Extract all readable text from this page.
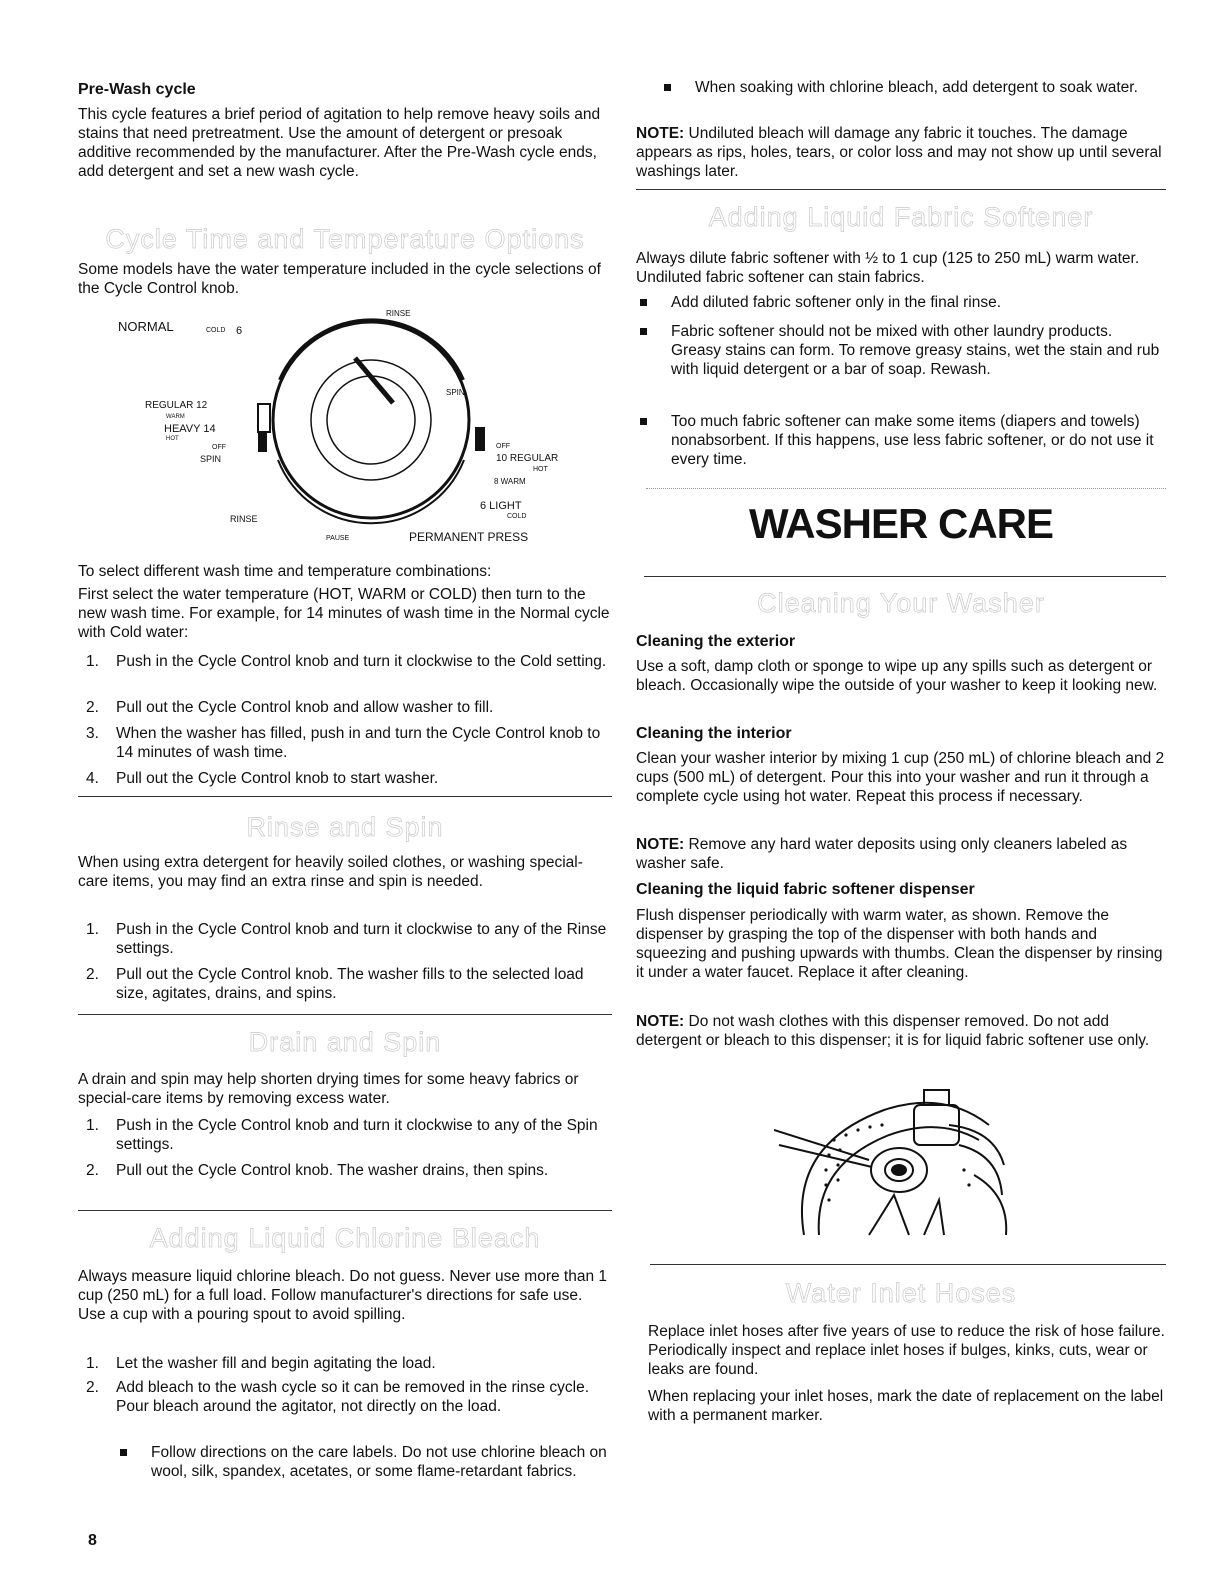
Pre-Wash cycle

This cycle features a brief period of agitation to help remove heavy soils and stains that need pretreatment. Use the amount of detergent or presoak additive recommended by the manufacturer. After the Pre-Wash cycle ends, add detergent and set a new wash cycle.

Cycle Time and Temperature Options

Some models have the water temperature included in the cycle selections of the Cycle Control knob.

NORMAL	COLD 6
RINSE
SPIN
REGULAR 12
WARM
HEAVY 14
HOT
OFF
SPIN
OFF
10 REGULAR
HOT
8 WARM
6 LIGHT
COLD
RINSE
PAUSE	PERMANENT PRESS

To select different wash time and temperature combinations:

First select the water temperature (HOT, WARM or COLD) then turn to the new wash time. For example, for 14 minutes of wash time in the Normal cycle with Cold water:

1. Push in the Cycle Control knob and turn it clockwise to the Cold setting.
2. Pull out the Cycle Control knob and allow washer to fill.
3. When the washer has filled, push in and turn the Cycle Control knob to 14 minutes of wash time.
4. Pull out the Cycle Control knob to start washer.
Rinse and Spin

When using extra detergent for heavily soiled clothes, or washing special-care items, you may find an extra rinse and spin is needed.

1. Push in the Cycle Control knob and turn it clockwise to any of the Rinse settings.
2. Pull out the Cycle Control knob. The washer fills to the selected load size, agitates, drains, and spins.
Drain and Spin

A drain and spin may help shorten drying times for some heavy fabrics or special-care items by removing excess water.

1. Push in the Cycle Control knob and turn it clockwise to any of the Spin settings.
2. Pull out the Cycle Control knob. The washer drains, then spins.
Adding Liquid Chlorine Bleach

Always measure liquid chlorine bleach. Do not guess. Never use more than 1 cup (250 mL) for a full load. Follow manufacturer's directions for safe use. Use a cup with a pouring spout to avoid spilling.

1. Let the washer fill and begin agitating the load.
2. Add bleach to the wash cycle so it can be removed in the rinse cycle. Pour bleach around the agitator, not directly on the load.
Follow directions on the care labels. Do not use chlorine bleach on wool, silk, spandex, acetates, or some flame-retardant fabrics.
When soaking with chlorine bleach, add detergent to soak water.

NOTE: Undiluted bleach will damage any fabric it touches. The damage appears as rips, holes, tears, or color loss and may not show up until several washings later.

Adding Liquid Fabric Softener

Always dilute fabric softener with ½ to 1 cup (125 to 250 mL) warm water. Undiluted fabric softener can stain fabrics.

Add diluted fabric softener only in the final rinse.
Fabric softener should not be mixed with other laundry products. Greasy stains can form. To remove greasy stains, wet the stain and rub with liquid detergent or a bar of soap. Rewash.
Too much fabric softener can make some items (diapers and towels) nonabsorbent. If this happens, use less fabric softener, or do not use it every time.
WASHER CARE
Cleaning Your Washer
Cleaning the exterior

Use a soft, damp cloth or sponge to wipe up any spills such as detergent or bleach. Occasionally wipe the outside of your washer to keep it looking new.

Cleaning the interior

Clean your washer interior by mixing 1 cup (250 mL) of chlorine bleach and 2 cups (500 mL) of detergent. Pour this into your washer and run it through a complete cycle using hot water. Repeat this process if necessary.

NOTE: Remove any hard water deposits using only cleaners labeled as washer safe.

Cleaning the liquid fabric softener dispenser

Flush dispenser periodically with warm water, as shown. Remove the dispenser by grasping the top of the dispenser with both hands and squeezing and pushing upwards with thumbs. Clean the dispenser by rinsing it under a water faucet. Replace it after cleaning.

NOTE: Do not wash clothes with this dispenser removed. Do not add detergent or bleach to this dispenser; it is for liquid fabric softener use only.

Water Inlet Hoses

Replace inlet hoses after five years of use to reduce the risk of hose failure. Periodically inspect and replace inlet hoses if bulges, kinks, cuts, wear or leaks are found.

When replacing your inlet hoses, mark the date of replacement on the label with a permanent marker.

8
